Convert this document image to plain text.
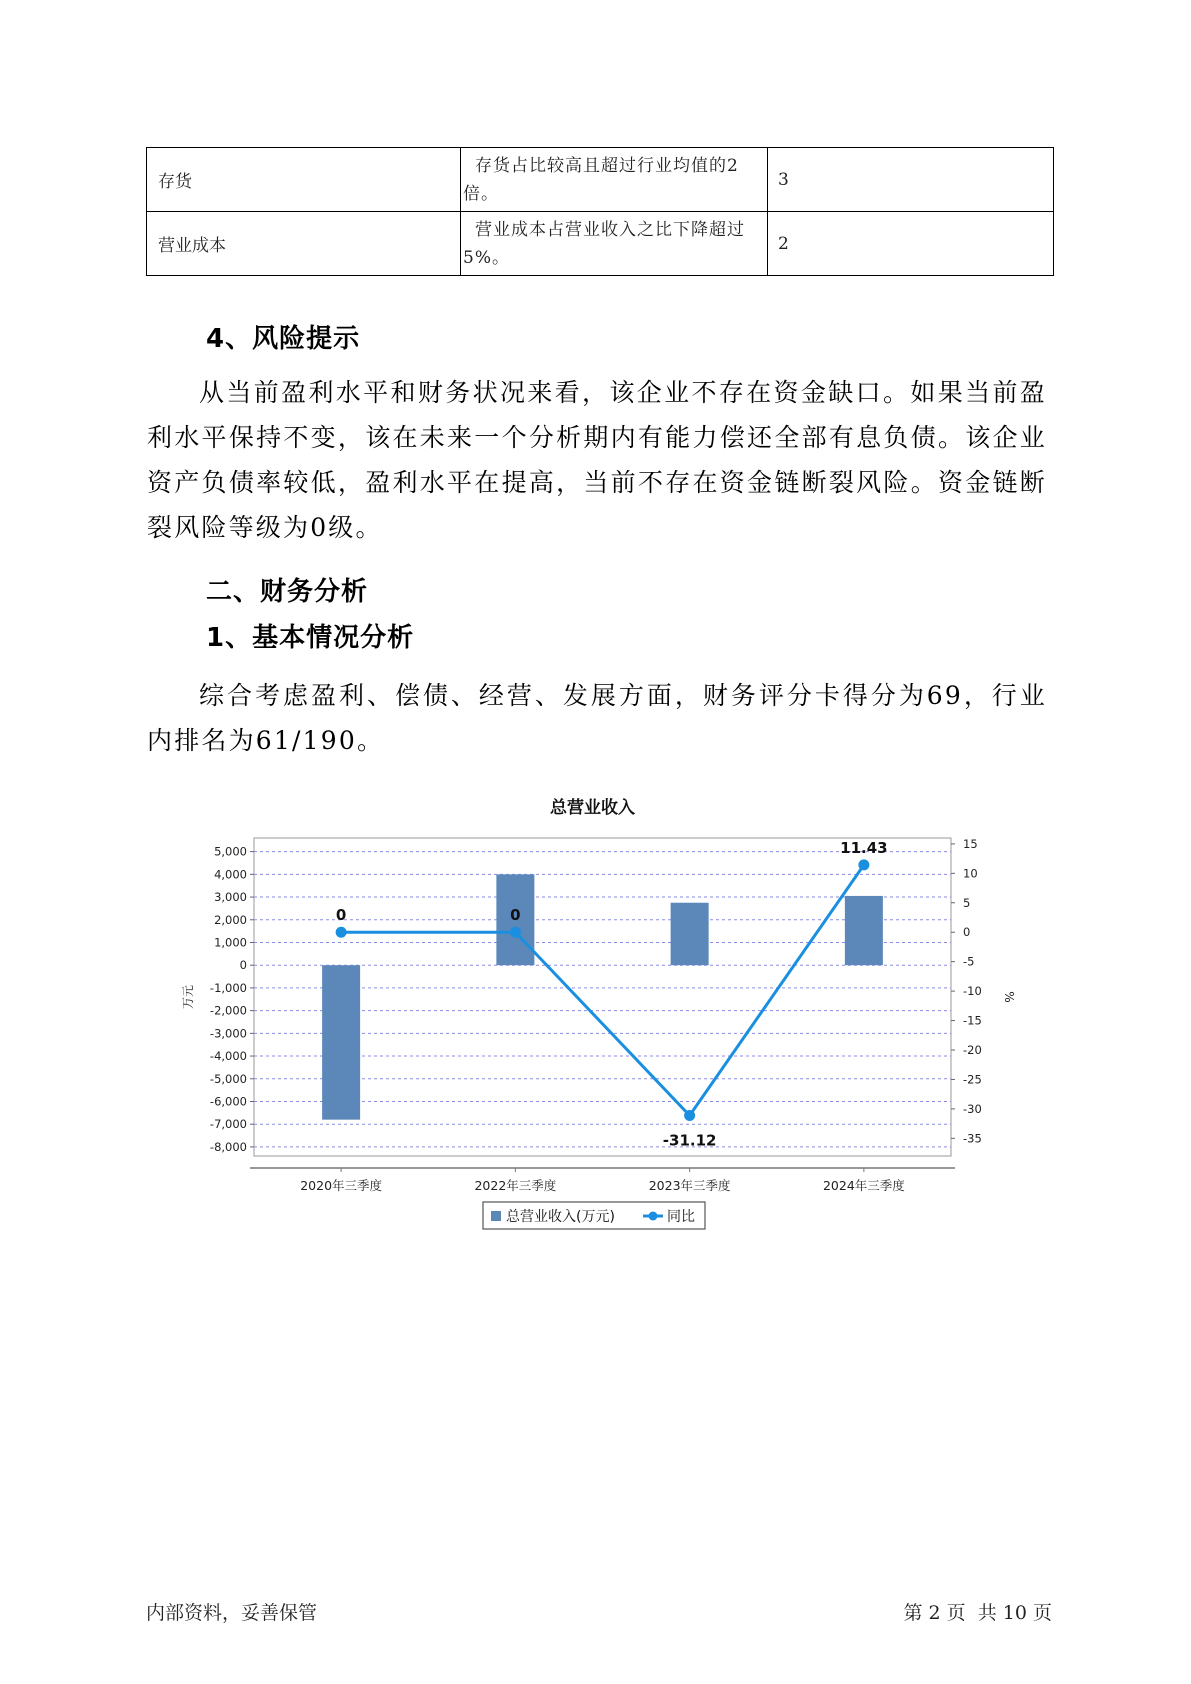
存货	存货占比较高且超过行业均值的2倍。	3
营业成本	营业成本占营业收入之比下降超过5%。	2
4、风险提示
从当前盈利水平和财务状况来看，该企业不存在资金缺口。如果当前盈利水平保持不变，该在未来一个分析期内有能力偿还全部有息负债。该企业资产负债率较低，盈利水平在提高，当前不存在资金链断裂风险。资金链断裂风险等级为0级。
二、财务分析
1、基本情况分析
综合考虑盈利、偿债、经营、发展方面，财务评分卡得分为69，行业内排名为61/190。
总营业收入
5,000
4,000
3,000
2,000
1,000
0
-1,000
-2,000
-3,000
-4,000
-5,000
-6,000
-7,000
-8,000
15
10
5
0
-5
-10
-15
-20
-25
-30
-35
万元	%
2020年三季度	2022年三季度	2023年三季度	2024年三季度
0	0
-31.12
11.43
总营业收入(万元)	同比
内部资料，妥善保管	第 2 页  共 10 页
